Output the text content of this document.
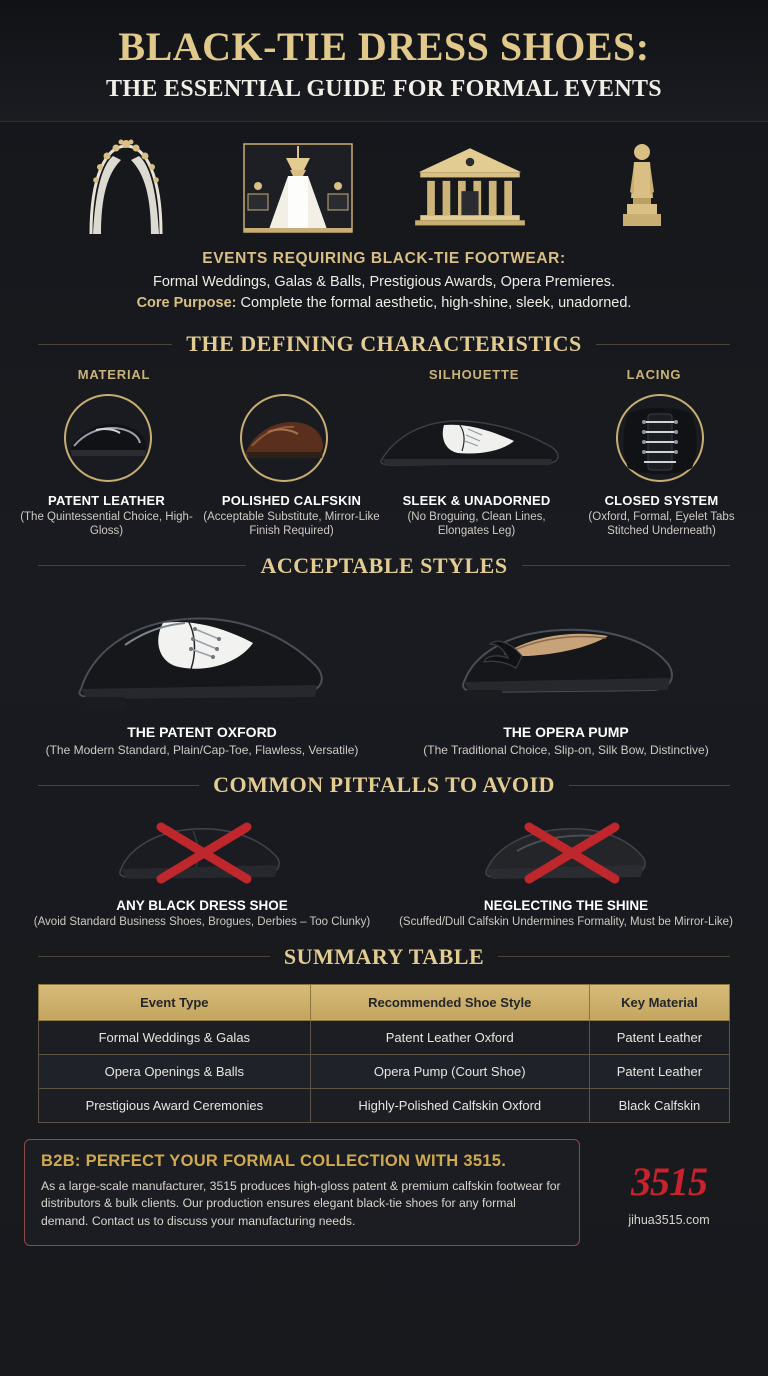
BLACK-TIE DRESS SHOES:
THE ESSENTIAL GUIDE FOR FORMAL EVENTS
EVENTS REQUIRING BLACK-TIE FOOTWEAR:
Formal Weddings, Galas & Balls, Prestigious Awards, Opera Premieres.
Core Purpose: Complete the formal aesthetic, high-shine, sleek, unadorned.
THE DEFINING CHARACTERISTICS
MATERIAL	SILHOUETTE	LACING
PATENT LEATHER
(The Quintessential Choice, High-Gloss)
POLISHED CALFSKIN
(Acceptable Substitute, Mirror-Like Finish Required)
SLEEK & UNADORNED
(No Broguing, Clean Lines, Elongates Leg)
CLOSED SYSTEM
(Oxford, Formal, Eyelet Tabs Stitched Underneath)
ACCEPTABLE STYLES
THE PATENT OXFORD
(The Modern Standard, Plain/Cap-Toe, Flawless, Versatile)
THE OPERA PUMP
(The Traditional Choice, Slip-on, Silk Bow, Distinctive)
COMMON PITFALLS TO AVOID
ANY BLACK DRESS SHOE
(Avoid Standard Business Shoes, Brogues, Derbies – Too Clunky)
NEGLECTING THE SHINE
(Scuffed/Dull Calfskin Undermines Formality, Must be Mirror-Like)
SUMMARY TABLE
Event Type	Recommended Shoe Style	Key Material
Formal Weddings & Galas	Patent Leather Oxford	Patent Leather
Opera Openings & Balls	Opera Pump (Court Shoe)	Patent Leather
Prestigious Award Ceremonies	Highly-Polished Calfskin Oxford	Black Calfskin
B2B: PERFECT YOUR FORMAL COLLECTION WITH 3515.
As a large-scale manufacturer, 3515 produces high-gloss patent & premium calfskin footwear for distributors & bulk clients. Our production ensures elegant black-tie shoes for any formal demand. Contact us to discuss your manufacturing needs.
3515
jihua3515.com
